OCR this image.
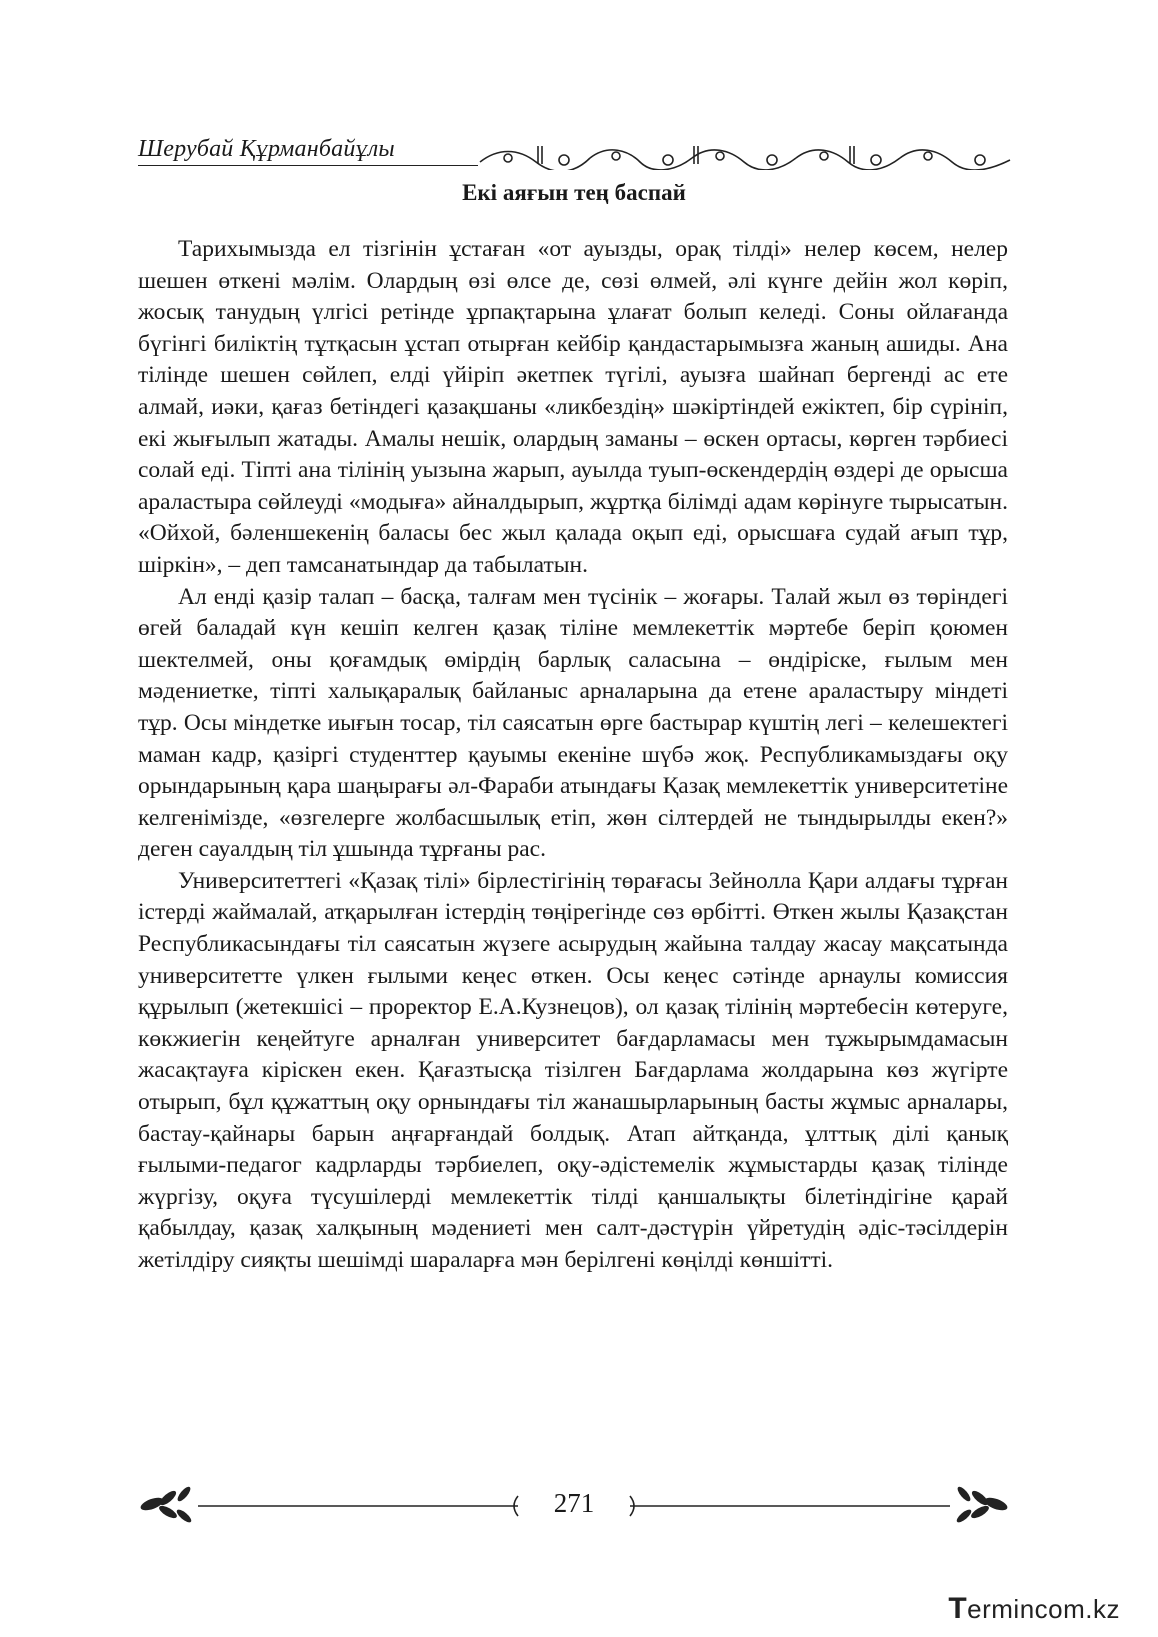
Шерубай Құрманбайұлы
Екі аяғын тең баспай

Тарихымызда ел тізгінін ұстаған «от ауызды, орақ тілді» нелер көсем, нелер шешен өткені мәлім. Олардың өзі өлсе де, сөзі өлмей, әлі күнге дейін жол көріп, жосық танудың үлгісі ретінде ұрпақтарына ұлағат болып келеді. Соны ойлағанда бүгінгі биліктің тұтқасын ұстап отырған кейбір қандастарымызға жаның ашиды. Ана тілінде шешен сөйлеп, елді үйіріп әкетпек түгілі, ауызға шайнап бергенді ас ете алмай, иәки, қағаз бетіндегі қазақшаны «ликбездің» шәкіртіндей ежіктеп, бір сүрініп, екі жығылып жатады. Амалы нешік, олардың заманы – өскен ортасы, көрген тәрбиесі солай еді. Тіпті ана тілінің уызына жарып, ауылда туып-өскендердің өздері де орысша араластыра сөйлеуді «модыға» айналдырып, жұртқа білімді адам көрінуге тырысатын. «Ойхой, бәленшекенің баласы бес жыл қалада оқып еді, орысшаға судай ағып тұр, шіркін», – деп тамсанатындар да табылатын.

Ал енді қазір талап – басқа, талғам мен түсінік – жоғары. Талай жыл өз төріндегі өгей баладай күн кешіп келген қазақ тіліне мемлекеттік мәртебе беріп қоюмен шектелмей, оны қоғамдық өмірдің барлық саласына – өндіріске, ғылым мен мәдениетке, тіпті халықаралық байланыс арналарына да етене араластыру міндеті тұр. Осы міндетке иығын тосар, тіл саясатын өрге бастырар күштің легі – келешектегі маман кадр, қазіргі студенттер қауымы екеніне шүбә жоқ. Республикамыздағы оқу орындарының қара шаңырағы әл-Фараби атындағы Қазақ мемлекеттік университетіне келгенімізде, «өзгелерге жолбасшылық етіп, жөн сілтердей не тындырылды екен?» деген сауалдың тіл ұшында тұрғаны рас.

Университеттегі «Қазақ тілі» бірлестігінің төрағасы Зейнолла Қари алдағы тұрған істерді жаймалай, атқарылған істердің төңірегінде сөз өрбітті. Өткен жылы Қазақстан Республикасындағы тіл саясатын жүзеге асырудың жайына талдау жасау мақсатында университетте үлкен ғылыми кеңес өткен. Осы кеңес сәтінде арнаулы комиссия құрылып (жетекшісі – проректор Е.А.Кузнецов), ол қазақ тілінің мәртебесін көтеруге, көкжиегін кеңейтуге арналған университет бағдарламасы мен тұжырымдамасын жасақтауға кіріскен екен. Қағазтысқа тізілген Бағдарлама жолдарына көз жүгірте отырып, бұл құжаттың оқу орнындағы тіл жанашырларының басты жұмыс арналары, бастау-қайнары барын аңғарғандай болдық. Атап айтқанда, ұлттық ділі қанық ғылыми-педагог кадрларды тәрбиелеп, оқу-әдістемелік жұмыстарды қазақ тілінде жүргізу, оқуға түсушілерді мемлекеттік тілді қаншалықты білетіндігіне қарай қабылдау, қазақ халқының мәдениеті мен салт-дәстүрін үйретудің әдіс-тәсілдерін жетілдіру сияқты шешімді шараларға мән берілгені көңілді көншітті.

271
Termincom.kz
